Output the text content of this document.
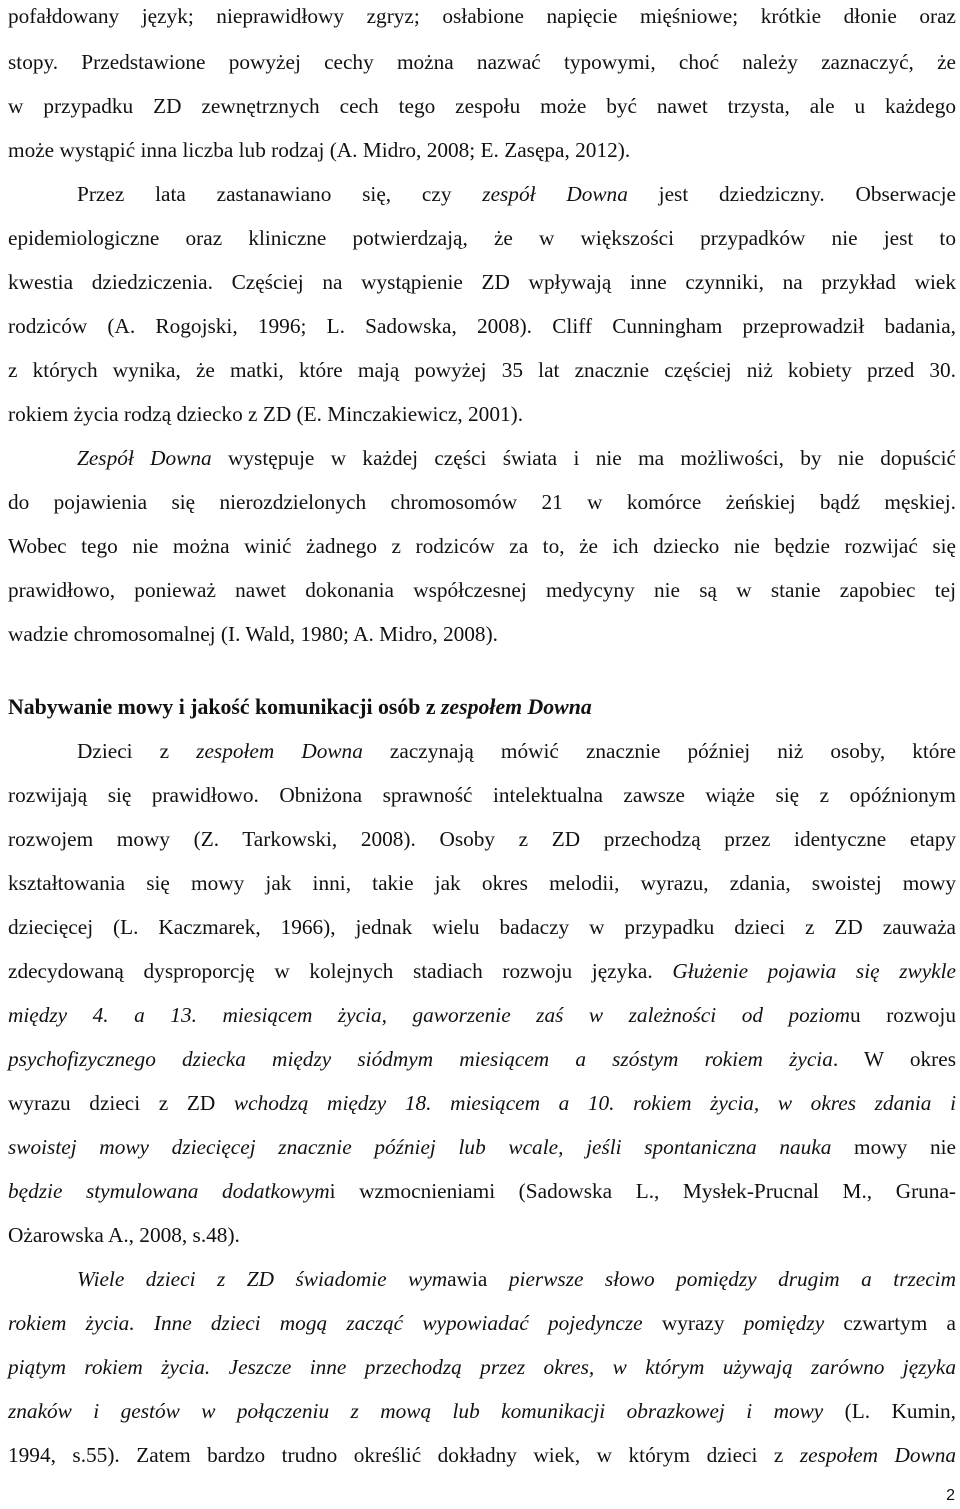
pofałdowany język; nieprawidłowy zgryz; osłabione napięcie mięśniowe; krótkie dłonie oraz
stopy. Przedstawione powyżej cechy można nazwać typowymi, choć należy zaznaczyć, że
w przypadku ZD zewnętrznych cech tego zespołu może być nawet trzysta, ale u każdego
może wystąpić inna liczba lub rodzaj (A. Midro, 2008; E. Zasępa, 2012).
Przez lata zastanawiano się, czy zespół Downa jest dziedziczny. Obserwacje
epidemiologiczne oraz kliniczne potwierdzają, że w większości przypadków nie jest to
kwestia dziedziczenia. Częściej na wystąpienie ZD wpływają inne czynniki, na przykład wiek
rodziców (A. Rogojski, 1996; L. Sadowska, 2008). Cliff Cunningham przeprowadził badania,
z których wynika, że matki, które mają powyżej 35 lat znacznie częściej niż kobiety przed 30.
rokiem życia rodzą dziecko z ZD (E. Minczakiewicz, 2001).
Zespół Downa występuje w każdej części świata i nie ma możliwości, by nie dopuścić
do pojawienia się nierozdzielonych chromosomów 21 w komórce żeńskiej bądź męskiej.
Wobec tego nie można winić żadnego z rodziców za to, że ich dziecko nie będzie rozwijać się
prawidłowo, ponieważ nawet dokonania współczesnej medycyny nie są w stanie zapobiec tej
wadzie chromosomalnej (I. Wald, 1980; A. Midro, 2008).
Nabywanie mowy i jakość komunikacji osób z zespołem Downa
Dzieci z zespołem Downa zaczynają mówić znacznie później niż osoby, które
rozwijają się prawidłowo. Obniżona sprawność intelektualna zawsze wiąże się z opóźnionym
rozwojem mowy (Z. Tarkowski, 2008). Osoby z ZD przechodzą przez identyczne etapy
kształtowania się mowy jak inni, takie jak okres melodii, wyrazu, zdania, swoistej mowy
dziecięcej (L. Kaczmarek, 1966), jednak wielu badaczy w przypadku dzieci z ZD zauważa
zdecydowaną dysproporcję w kolejnych stadiach rozwoju języka. Głużenie pojawia się zwykle
między 4. a 13. miesiącem życia, gaworzenie zaś w zależności od poziomu rozwoju
psychofizycznego dziecka między siódmym miesiącem a szóstym rokiem życia. W okres
wyrazu dzieci z ZD wchodzą między 18. miesiącem a 10. rokiem życia, w okres zdania i
swoistej mowy dziecięcej znacznie później lub wcale, jeśli spontaniczna nauka mowy nie
będzie stymulowana dodatkowymi wzmocnieniami (Sadowska L., Mysłek-Prucnal M., Gruna-
Ożarowska A., 2008, s.48).
Wiele dzieci z ZD świadomie wymawia pierwsze słowo pomiędzy drugim a trzecim
rokiem życia. Inne dzieci mogą zacząć wypowiadać pojedyncze wyrazy pomiędzy czwartym a
piątym rokiem życia. Jeszcze inne przechodzą przez okres, w którym używają zarówno języka
znaków i gestów w połączeniu z mową lub komunikacji obrazkowej i mowy (L. Kumin,
1994, s.55). Zatem bardzo trudno określić dokładny wiek, w którym dzieci z zespołem Downa
2
